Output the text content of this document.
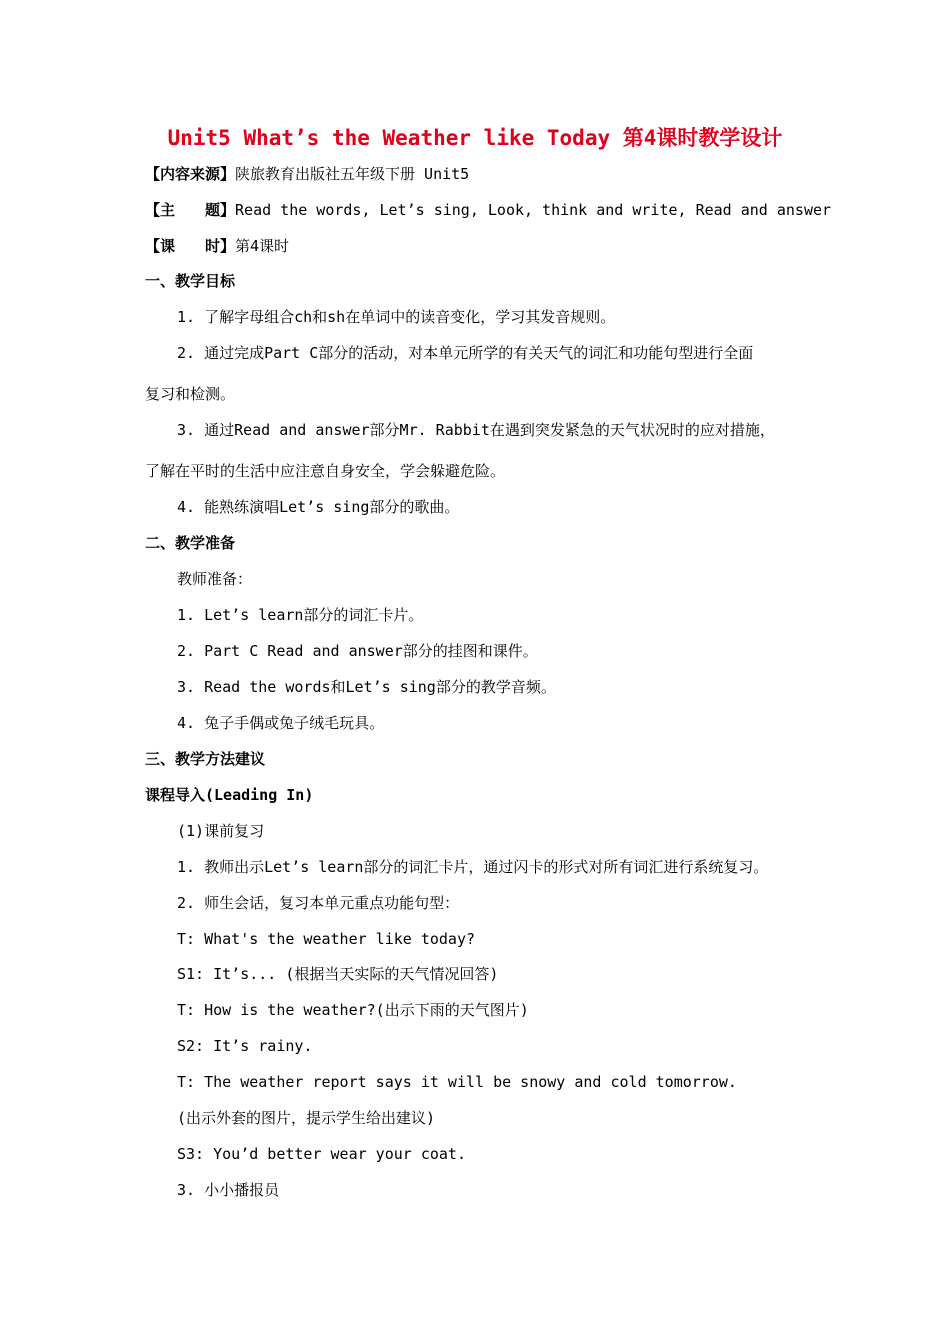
Unit5 What’s the Weather like Today 第4课时教学设计
【内容来源】陕旅教育出版社五年级下册 Unit5
【主　　题】Read the words, Let’s sing, Look, think and write, Read and answer
【课　　时】第4课时
一、教学目标
1. 了解字母组合ch和sh在单词中的读音变化，学习其发音规则。
2. 通过完成Part C部分的活动，对本单元所学的有关天气的词汇和功能句型进行全面
复习和检测。
3. 通过Read and answer部分Mr. Rabbit在遇到突发紧急的天气状况时的应对措施，
了解在平时的生活中应注意自身安全，学会躲避危险。
4. 能熟练演唱Let’s sing部分的歌曲。
二、教学准备
教师准备：
1. Let’s learn部分的词汇卡片。
2. Part C Read and answer部分的挂图和课件。
3. Read the words和Let’s sing部分的教学音频。
4. 兔子手偶或兔子绒毛玩具。
三、教学方法建议
课程导入(Leading In)
(1)课前复习
1. 教师出示Let’s learn部分的词汇卡片，通过闪卡的形式对所有词汇进行系统复习。
2. 师生会话，复习本单元重点功能句型：
T: What's the weather like today?
S1: It’s... (根据当天实际的天气情况回答)
T: How is the weather?(出示下雨的天气图片)
S2: It’s rainy.
T: The weather report says it will be snowy and cold tomorrow.
(出示外套的图片，提示学生给出建议)
S3: You’d better wear your coat.
3. 小小播报员
